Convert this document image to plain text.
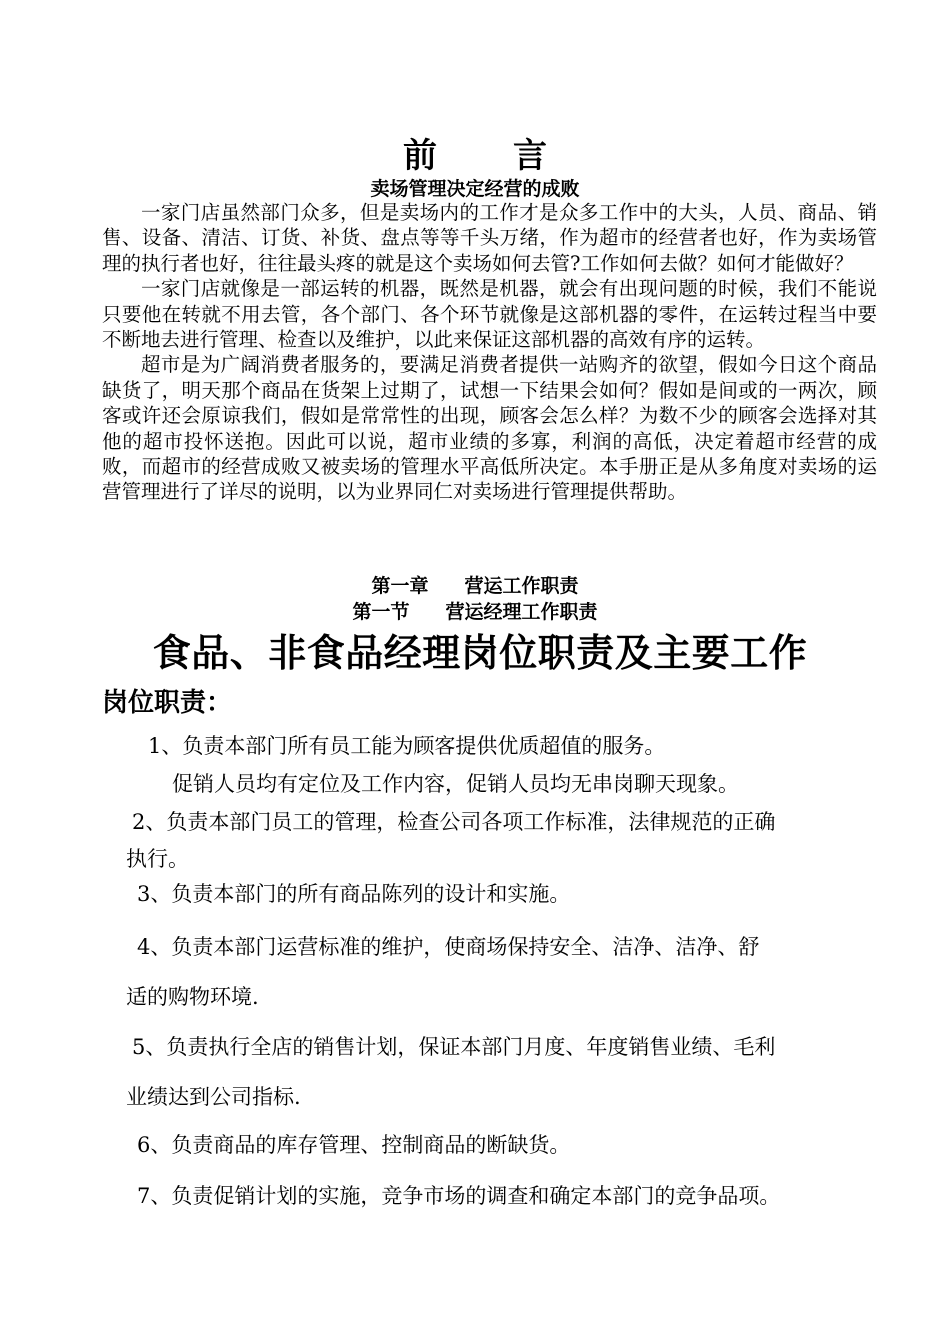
前 言
卖场管理决定经营的成败

一家门店虽然部门众多，但是卖场内的工作才是众多工作中的大头，人员、商品、销售、设备、清洁、订货、补货、盘点等等千头万绪，作为超市的经营者也好，作为卖场管理的执行者也好，往往最头疼的就是这个卖场如何去管?工作如何去做？如何才能做好？

一家门店就像是一部运转的机器，既然是机器，就会有出现问题的时候，我们不能说只要他在转就不用去管，各个部门、各个环节就像是这部机器的零件，在运转过程当中要不断地去进行管理、检查以及维护，以此来保证这部机器的高效有序的运转。

超市是为广阔消费者服务的，要满足消费者提供一站购齐的欲望，假如今日这个商品缺货了，明天那个商品在货架上过期了，试想一下结果会如何？假如是间或的一两次，顾客或许还会原谅我们，假如是常常性的出现，顾客会怎么样？为数不少的顾客会选择对其他的超市投怀送抱。因此可以说，超市业绩的多寡，利润的高低，决定着超市经营的成败，而超市的经营成败又被卖场的管理水平高低所决定。本手册正是从多角度对卖场的运营管理进行了详尽的说明，以为业界同仁对卖场进行管理提供帮助。

第一章 营运工作职责
第一节 营运经理工作职责
食品、非食品经理岗位职责及主要工作
岗位职责：
1、负责本部门所有员工能为顾客提供优质超值的服务。
促销人员均有定位及工作内容，促销人员均无串岗聊天现象。
2、负责本部门员工的管理，检查公司各项工作标准，法律规范的正确
执行。
3、负责本部门的所有商品陈列的设计和实施。
4、负责本部门运营标准的维护，使商场保持安全、洁净、洁净、舒
适的购物环境.
5、负责执行全店的销售计划，保证本部门月度、年度销售业绩、毛利
业绩达到公司指标.
6、负责商品的库存管理、控制商品的断缺货。
7、负责促销计划的实施，竞争市场的调查和确定本部门的竞争品项。
